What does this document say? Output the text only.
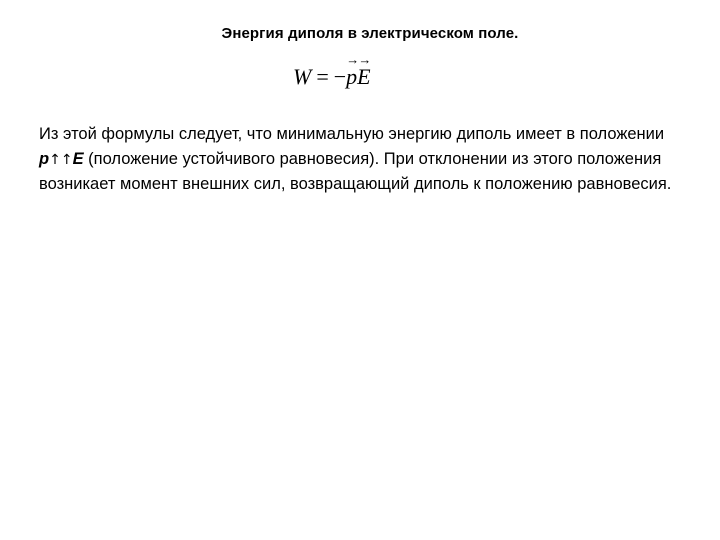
Энергия диполя в электрическом поле.
W = −
→
p
→
E
Из этой формулы следует, что минимальную энергию диполь имеет в положении p↑↑E (положение устойчивого равновесия). При отклонении из этого положения возникает момент внешних сил, возвращающий диполь к положению равновесия.
